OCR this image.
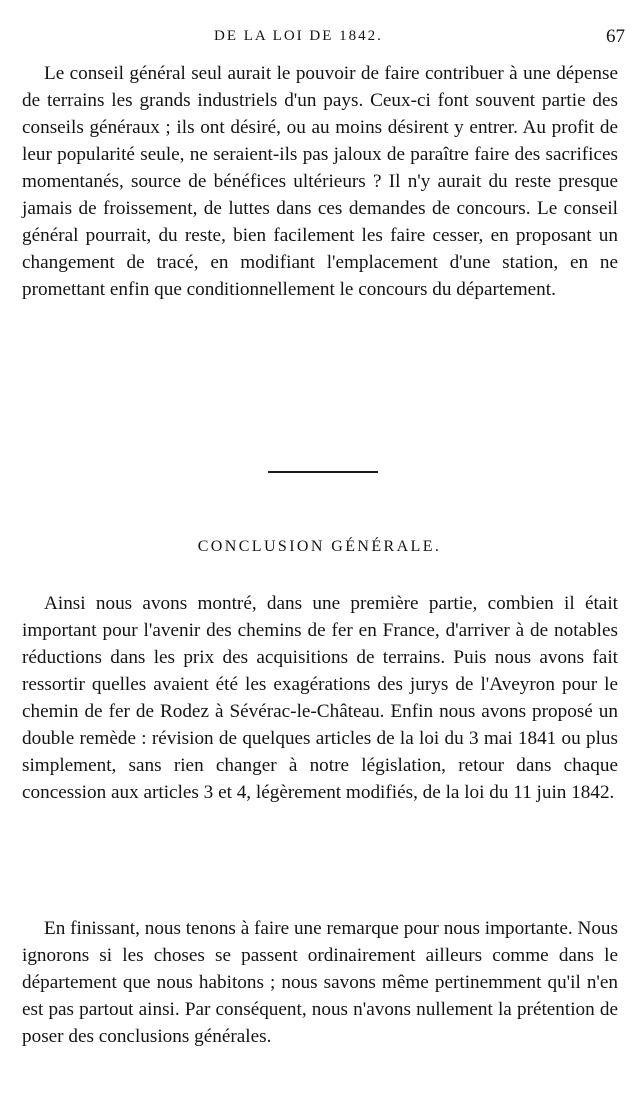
DE LA LOI DE 1842.	67

Le conseil général seul aurait le pouvoir de faire contribuer à une dépense de terrains les grands industriels d'un pays. Ceux-ci font souvent partie des conseils généraux ; ils ont désiré, ou au moins désirent y entrer. Au profit de leur popularité seule, ne seraient-ils pas jaloux de paraître faire des sacrifices momentanés, source de bénéfices ultérieurs ? Il n'y aurait du reste presque jamais de froissement, de luttes dans ces demandes de concours. Le conseil général pourrait, du reste, bien facilement les faire cesser, en proposant un changement de tracé, en modifiant l'emplacement d'une station, en ne promettant enfin que conditionnellement le concours du département.

CONCLUSION GÉNÉRALE.

Ainsi nous avons montré, dans une première partie, combien il était important pour l'avenir des chemins de fer en France, d'arriver à de notables réductions dans les prix des acquisitions de terrains. Puis nous avons fait ressortir quelles avaient été les exagérations des jurys de l'Aveyron pour le chemin de fer de Rodez à Sévérac-le-Château. Enfin nous avons proposé un double remède : révision de quelques articles de la loi du 3 mai 1841 ou plus simplement, sans rien changer à notre législation, retour dans chaque concession aux articles 3 et 4, légèrement modifiés, de la loi du 11 juin 1842.

En finissant, nous tenons à faire une remarque pour nous importante. Nous ignorons si les choses se passent ordinairement ailleurs comme dans le département que nous habitons ; nous savons même pertinemment qu'il n'en est pas partout ainsi. Par conséquent, nous n'avons nullement la prétention de poser des conclusions générales.
